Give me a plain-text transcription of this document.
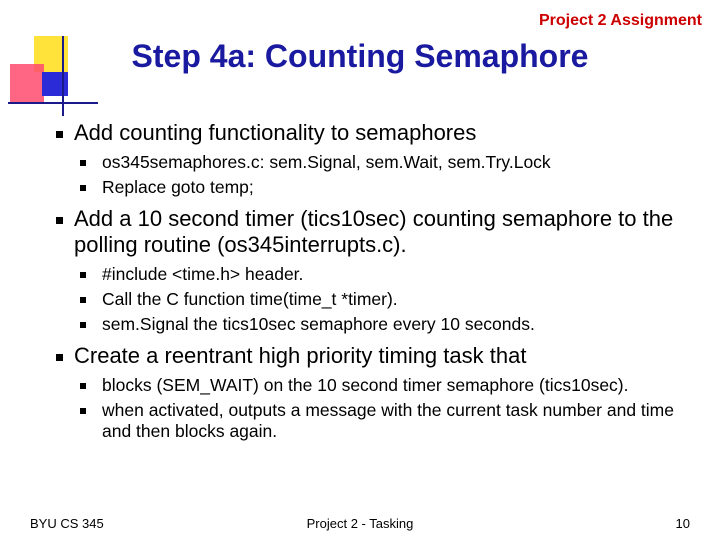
Project 2 Assignment
Step 4a: Counting Semaphore
Add counting functionality to semaphores
os345semaphores.c: sem.Signal, sem.Wait, sem.Try.Lock
Replace goto temp;
Add a 10 second timer (tics10sec) counting semaphore to the polling routine (os345interrupts.c).
#include <time.h> header.
Call the C function time(time_t *timer).
sem.Signal the tics10sec semaphore every 10 seconds.
Create a reentrant high priority timing task that
blocks (SEM_WAIT) on the 10 second timer semaphore (tics10sec).
when activated, outputs a message with the current task number and time and then blocks again.
BYU CS 345	Project 2 - Tasking	10
